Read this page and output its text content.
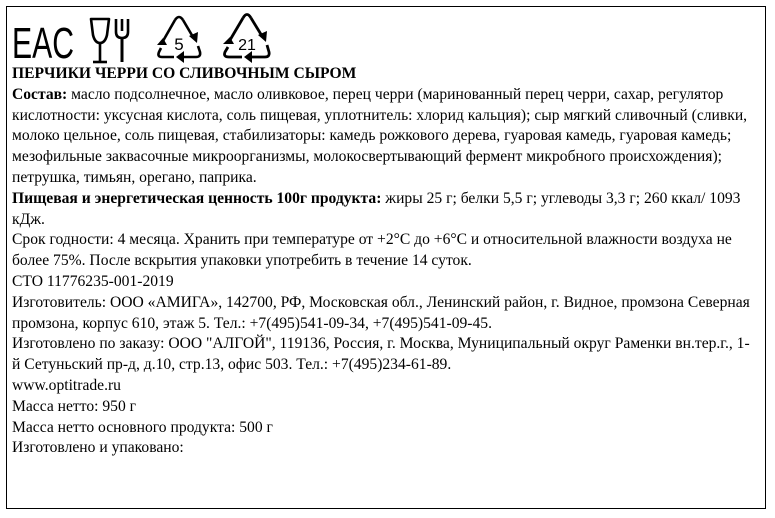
EAC	5	21

ПЕРЧИКИ ЧЕРРИ СО СЛИВОЧНЫМ СЫРОМ

Состав: масло подсолнечное, масло оливковое, перец черри (маринованный перец черри, сахар, регулятор кислотности: уксусная кислота, соль пищевая, уплотнитель: хлорид кальция); сыр мягкий сливочный (сливки, молоко цельное, соль пищевая, стабилизаторы: камедь рожкового дерева, гуаровая камедь, гуаровая камедь; мезофильные заквасочные микроорганизмы, молокосвертывающий фермент микробного происхождения); петрушка, тимьян, орегано, паприка.

Пищевая и энергетическая ценность 100г продукта: жиры 25 г; белки 5,5 г; углеводы 3,3 г; 260 ккал/ 1093 кДж.

Срок годности: 4 месяца. Хранить при температуре от +2°С до +6°С и относительной влажности воздуха не более 75%. После вскрытия упаковки употребить в течение 14 суток.

СТО 11776235-001-2019

Изготовитель: ООО «АМИГА», 142700, РФ, Московская обл., Ленинский район, г. Видное, промзона Северная промзона, корпус 610, этаж 5. Тел.: +7(495)541-09-34, +7(495)541-09-45.

Изготовлено по заказу: ООО "АЛГОЙ", 119136, Россия, г. Москва, Муниципальный округ Раменки вн.тер.г., 1-й Сетуньский пр-д, д.10, стр.13, офис 503. Тел.: +7(495)234-61-89.

www.optitrade.ru

Масса нетто: 950 г

Масса нетто основного продукта: 500 г

Изготовлено и упаковано:
